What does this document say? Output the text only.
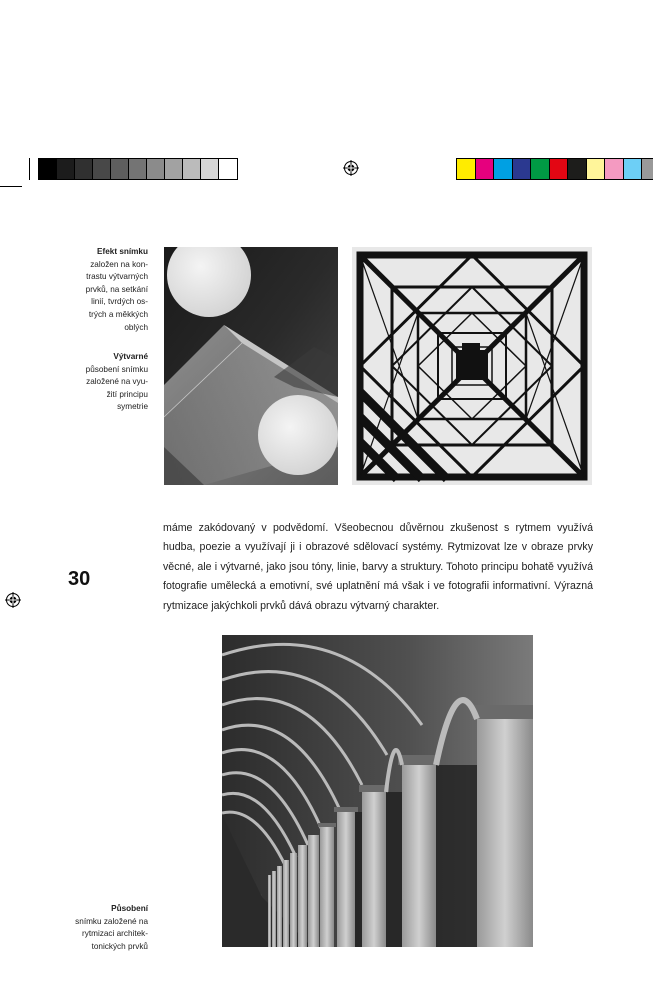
Efekt snímku
založen na kon-
trastu výtvarných
prvků, na setkání
linií, tvrdých os-
trých a měkkých
oblých
Výtvarné
působení snímku
založené na vyu-
žití principu
symetrie
Působení
snímku založené na
rytmizaci architek-
tonických prvků
30

máme zakódovaný v podvědomí. Všeobecnou důvěrnou zkušenost s rytmem využívá hudba, poezie a využívají ji i obrazové sdělovací systémy. Rytmizovat lze v obraze prvky věcné, ale i výtvarné, jako jsou tóny, linie, barvy a struktury. Tohoto principu bohatě využívá fotografie umělecká a emotivní, své uplatnění má však i ve fotografii informativní. Výrazná rytmizace jakýchkoli prvků dává obrazu výtvarný charakter.
